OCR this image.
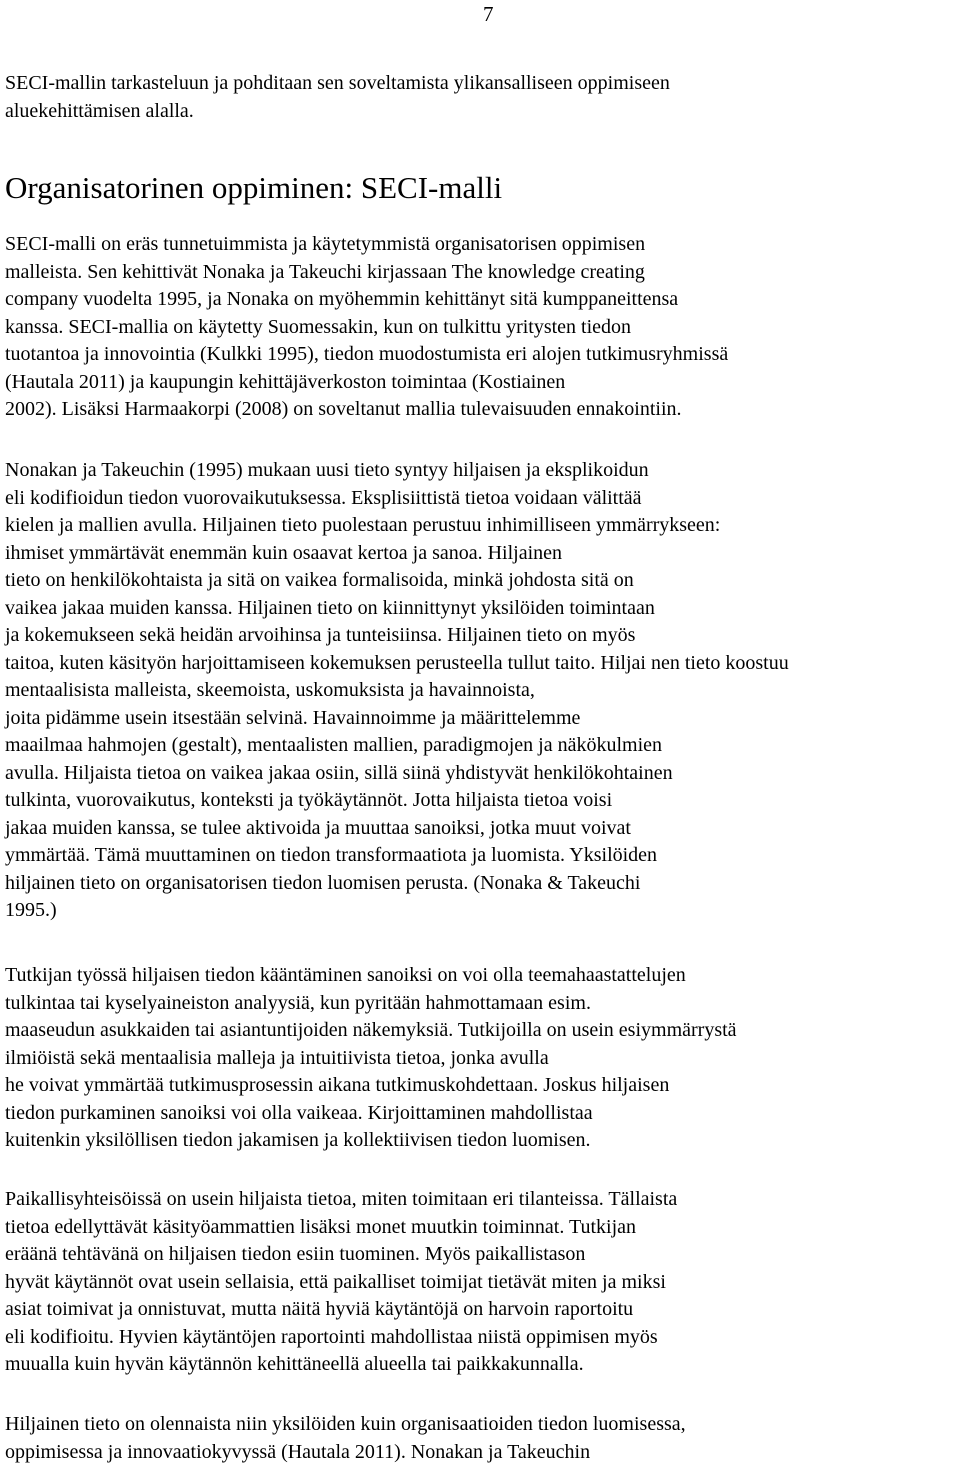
7
SECI-mallin tarkasteluun ja pohditaan sen soveltamista ylikansalliseen oppimiseen
aluekehittämisen alalla.
Organisatorinen oppiminen: SECI-malli
SECI-malli on eräs tunnetuimmista ja käytetymmistä organisatorisen oppimisen
malleista. Sen kehittivät Nonaka ja Takeuchi kirjassaan The knowledge creating
company vuodelta 1995, ja Nonaka on myöhemmin kehittänyt sitä kumppaneittensa
kanssa. SECI-mallia on käytetty Suomessakin, kun on tulkittu yritysten tiedon
tuotantoa ja innovointia (Kulkki 1995), tiedon muodostumista eri alojen tutkimusryhmissä
(Hautala 2011) ja kaupungin kehittäjäverkoston toimintaa (Kostiainen
2002). Lisäksi Harmaakorpi (2008) on soveltanut mallia tulevaisuuden ennakointiin.
Nonakan ja Takeuchin (1995) mukaan uusi tieto syntyy hiljaisen ja eksplikoidun
eli kodifioidun tiedon vuorovaikutuksessa. Eksplisiittistä tietoa voidaan välittää
kielen ja mallien avulla. Hiljainen tieto puolestaan perustuu inhimilliseen ymmärrykseen:
ihmiset ymmärtävät enemmän kuin osaavat kertoa ja sanoa. Hiljainen
tieto on henkilökohtaista ja sitä on vaikea formalisoida, minkä johdosta sitä on
vaikea jakaa muiden kanssa. Hiljainen tieto on kiinnittynyt yksilöiden toimintaan
ja kokemukseen sekä heidän arvoihinsa ja tunteisiinsa. Hiljainen tieto on myös
taitoa, kuten käsityön harjoittamiseen kokemuksen perusteella tullut taito. Hiljai nen tieto koostuu
mentaalisista malleista, skeemoista, uskomuksista ja havainnoista,
joita pidämme usein itsestään selvinä. Havainnoimme ja määrittelemme
maailmaa hahmojen (gestalt), mentaalisten mallien, paradigmojen ja näkökulmien
avulla. Hiljaista tietoa on vaikea jakaa osiin, sillä siinä yhdistyvät henkilökohtainen
tulkinta, vuorovaikutus, konteksti ja työkäytännöt. Jotta hiljaista tietoa voisi
jakaa muiden kanssa, se tulee aktivoida ja muuttaa sanoiksi, jotka muut voivat
ymmärtää. Tämä muuttaminen on tiedon transformaatiota ja luomista. Yksilöiden
hiljainen tieto on organisatorisen tiedon luomisen perusta. (Nonaka & Takeuchi
1995.)
Tutkijan työssä hiljaisen tiedon kääntäminen sanoiksi on voi olla teemahaastattelujen
tulkintaa tai kyselyaineiston analyysiä, kun pyritään hahmottamaan esim.
maaseudun asukkaiden tai asiantuntijoiden näkemyksiä. Tutkijoilla on usein esiymmärrystä
ilmiöistä sekä mentaalisia malleja ja intuitiivista tietoa, jonka avulla
he voivat ymmärtää tutkimusprosessin aikana tutkimuskohdettaan. Joskus hiljaisen
tiedon purkaminen sanoiksi voi olla vaikeaa. Kirjoittaminen mahdollistaa
kuitenkin yksilöllisen tiedon jakamisen ja kollektiivisen tiedon luomisen.
Paikallisyhteisöissä on usein hiljaista tietoa, miten toimitaan eri tilanteissa. Tällaista
tietoa edellyttävät käsityöammattien lisäksi monet muutkin toiminnat. Tutkijan
eräänä tehtävänä on hiljaisen tiedon esiin tuominen. Myös paikallistason
hyvät käytännöt ovat usein sellaisia, että paikalliset toimijat tietävät miten ja miksi
asiat toimivat ja onnistuvat, mutta näitä hyviä käytäntöjä on harvoin raportoitu
eli kodifioitu. Hyvien käytäntöjen raportointi mahdollistaa niistä oppimisen myös
muualla kuin hyvän käytännön kehittäneellä alueella tai paikkakunnalla.
Hiljainen tieto on olennaista niin yksilöiden kuin organisaatioiden tiedon luomisessa,
oppimisessa ja innovaatiokyvyssä (Hautala 2011). Nonakan ja Takeuchin
